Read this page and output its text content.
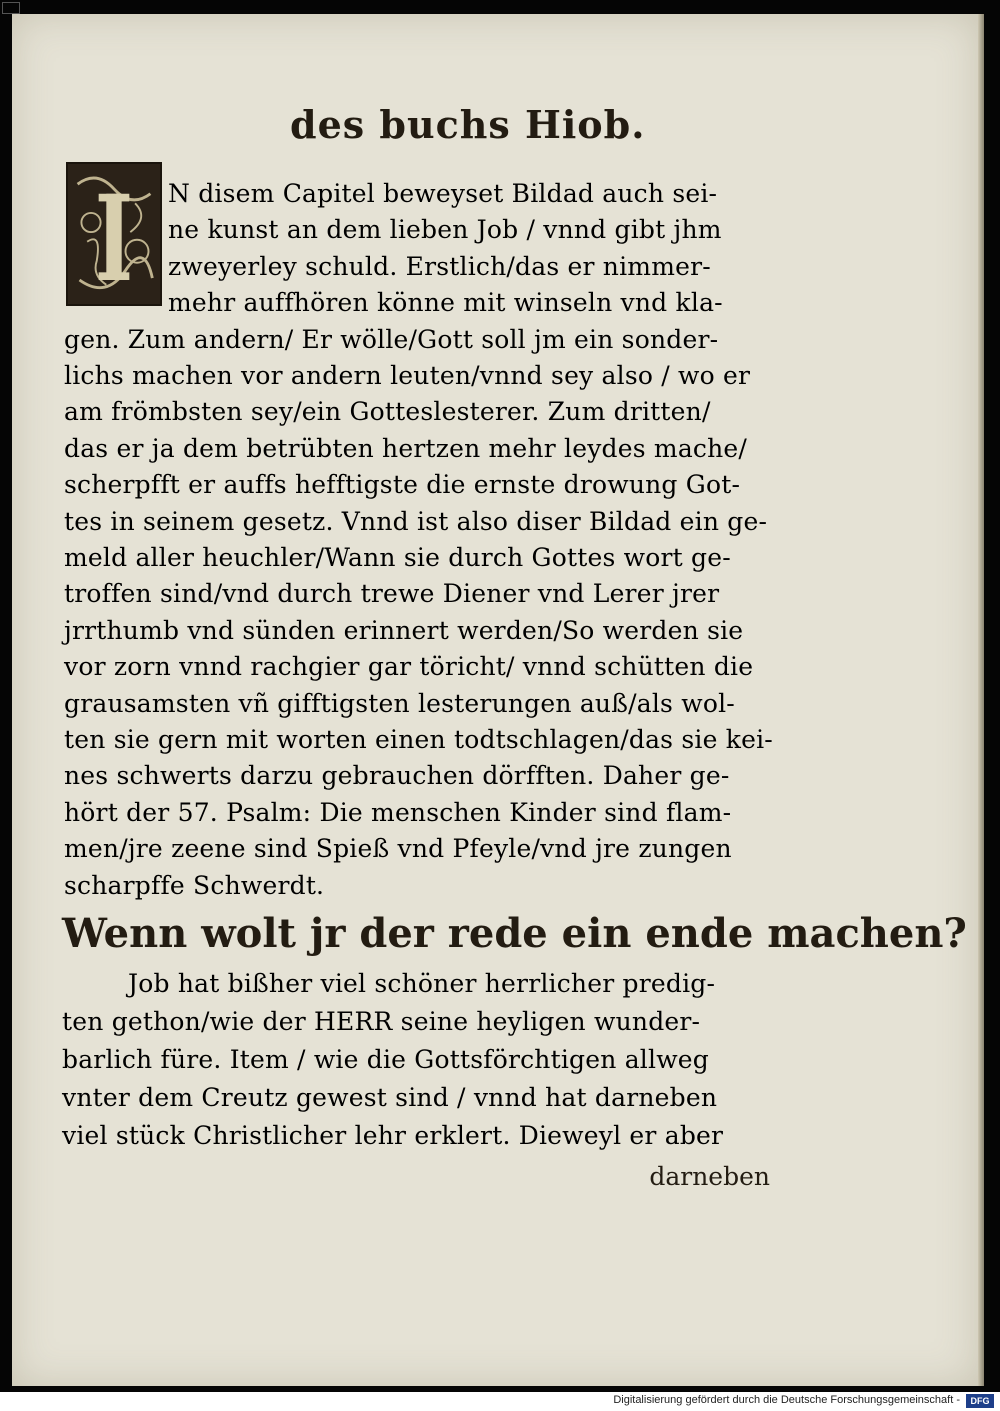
des buchs Hiob.
N disem Capitel beweyset Bildad auch sei-
ne kunst an dem lieben Job / vnnd gibt jhm
zweyerley schuld. Erstlich/das er nimmer-
mehr auffhören könne mit winseln vnd kla-
gen. Zum andern/ Er wölle/Gott soll jm ein sonder-
lichs machen vor andern leuten/vnnd sey also / wo er
am frömbsten sey/ein Gotteslesterer. Zum dritten/
das er ja dem betrübten hertzen mehr leydes mache/
scherpfft er auffs hefftigste die ernste drowung Got-
tes in seinem gesetz. Vnnd ist also diser Bildad ein ge-
meld aller heuchler/Wann sie durch Gottes wort ge-
troffen sind/vnd durch trewe Diener vnd Lerer jrer
jrrthumb vnd sünden erinnert werden/So werden sie
vor zorn vnnd rachgier gar töricht/ vnnd schütten die
grausamsten vñ gifftigsten lesterungen auß/als wol-
ten sie gern mit worten einen todtschlagen/das sie kei-
nes schwerts darzu gebrauchen dörfften. Daher ge-
hört der 57. Psalm: Die menschen Kinder sind flam-
men/jre zeene sind Spieß vnd Pfeyle/vnd jre zungen
scharpffe Schwerdt.
Wenn wolt jr der rede ein ende machen?
Job hat bißher viel schöner herrlicher predig-
ten gethon/wie der HERR seine heyligen wunder-
barlich füre. Item / wie die Gottsförchtigen allweg
vnter dem Creutz gewest sind / vnnd hat darneben
viel stück Christlicher lehr erklert. Dieweyl er aber
darneben
Digitalisierung gefördert durch die Deutsche Forschungsgemeinschaft -	DFG
